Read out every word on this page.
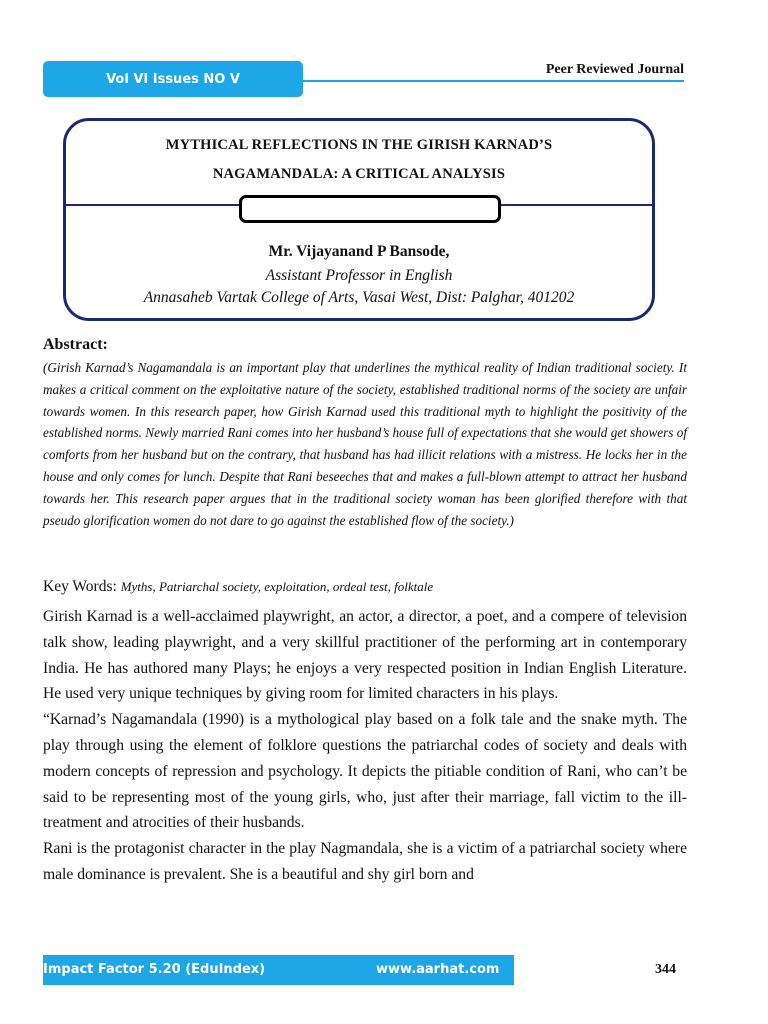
Vol VI Issues NO V
Peer Reviewed Journal
MYTHICAL REFLECTIONS IN THE GIRISH KARNAD’S
NAGAMANDALA: A CRITICAL ANALYSIS
Mr. Vijayanand P Bansode,
Assistant Professor in English
Annasaheb Vartak College of Arts, Vasai West, Dist: Palghar, 401202
Abstract:
(Girish Karnad’s Nagamandala is an important play that underlines the mythical reality of Indian traditional society. It makes a critical comment on the exploitative nature of the society, established traditional norms of the society are unfair towards women. In this research paper, how Girish Karnad used this traditional myth to highlight the positivity of the established norms. Newly married Rani comes into her husband’s house full of expectations that she would get showers of comforts from her husband but on the contrary, that husband has had illicit relations with a mistress. He locks her in the house and only comes for lunch. Despite that Rani beseeches that and makes a full-blown attempt to attract her husband towards her. This research paper argues that in the traditional society woman has been glorified therefore with that pseudo glorification women do not dare to go against the established flow of the society.)
Key Words: Myths, Patriarchal society, exploitation, ordeal test, folktale

Girish Karnad is a well-acclaimed playwright, an actor, a director, a poet, and a compere of television talk show, leading playwright, and a very skillful practitioner of the performing art in contemporary India. He has authored many Plays; he enjoys a very respected position in Indian English Literature. He used very unique techniques by giving room for limited characters in his plays.

“Karnad’s Nagamandala (1990) is a mythological play based on a folk tale and the snake myth. The play through using the element of folklore questions the patriarchal codes of society and deals with modern concepts of repression and psychology. It depicts the pitiable condition of Rani, who can’t be said to be representing most of the young girls, who, just after their marriage, fall victim to the ill-treatment and atrocities of their husbands.

Rani is the protagonist character in the play Nagmandala, she is a victim of a patriarchal society where male dominance is prevalent. She is a beautiful and shy girl born and

Impact Factor 5.20 (EduIndex)	www.aarhat.com	344
